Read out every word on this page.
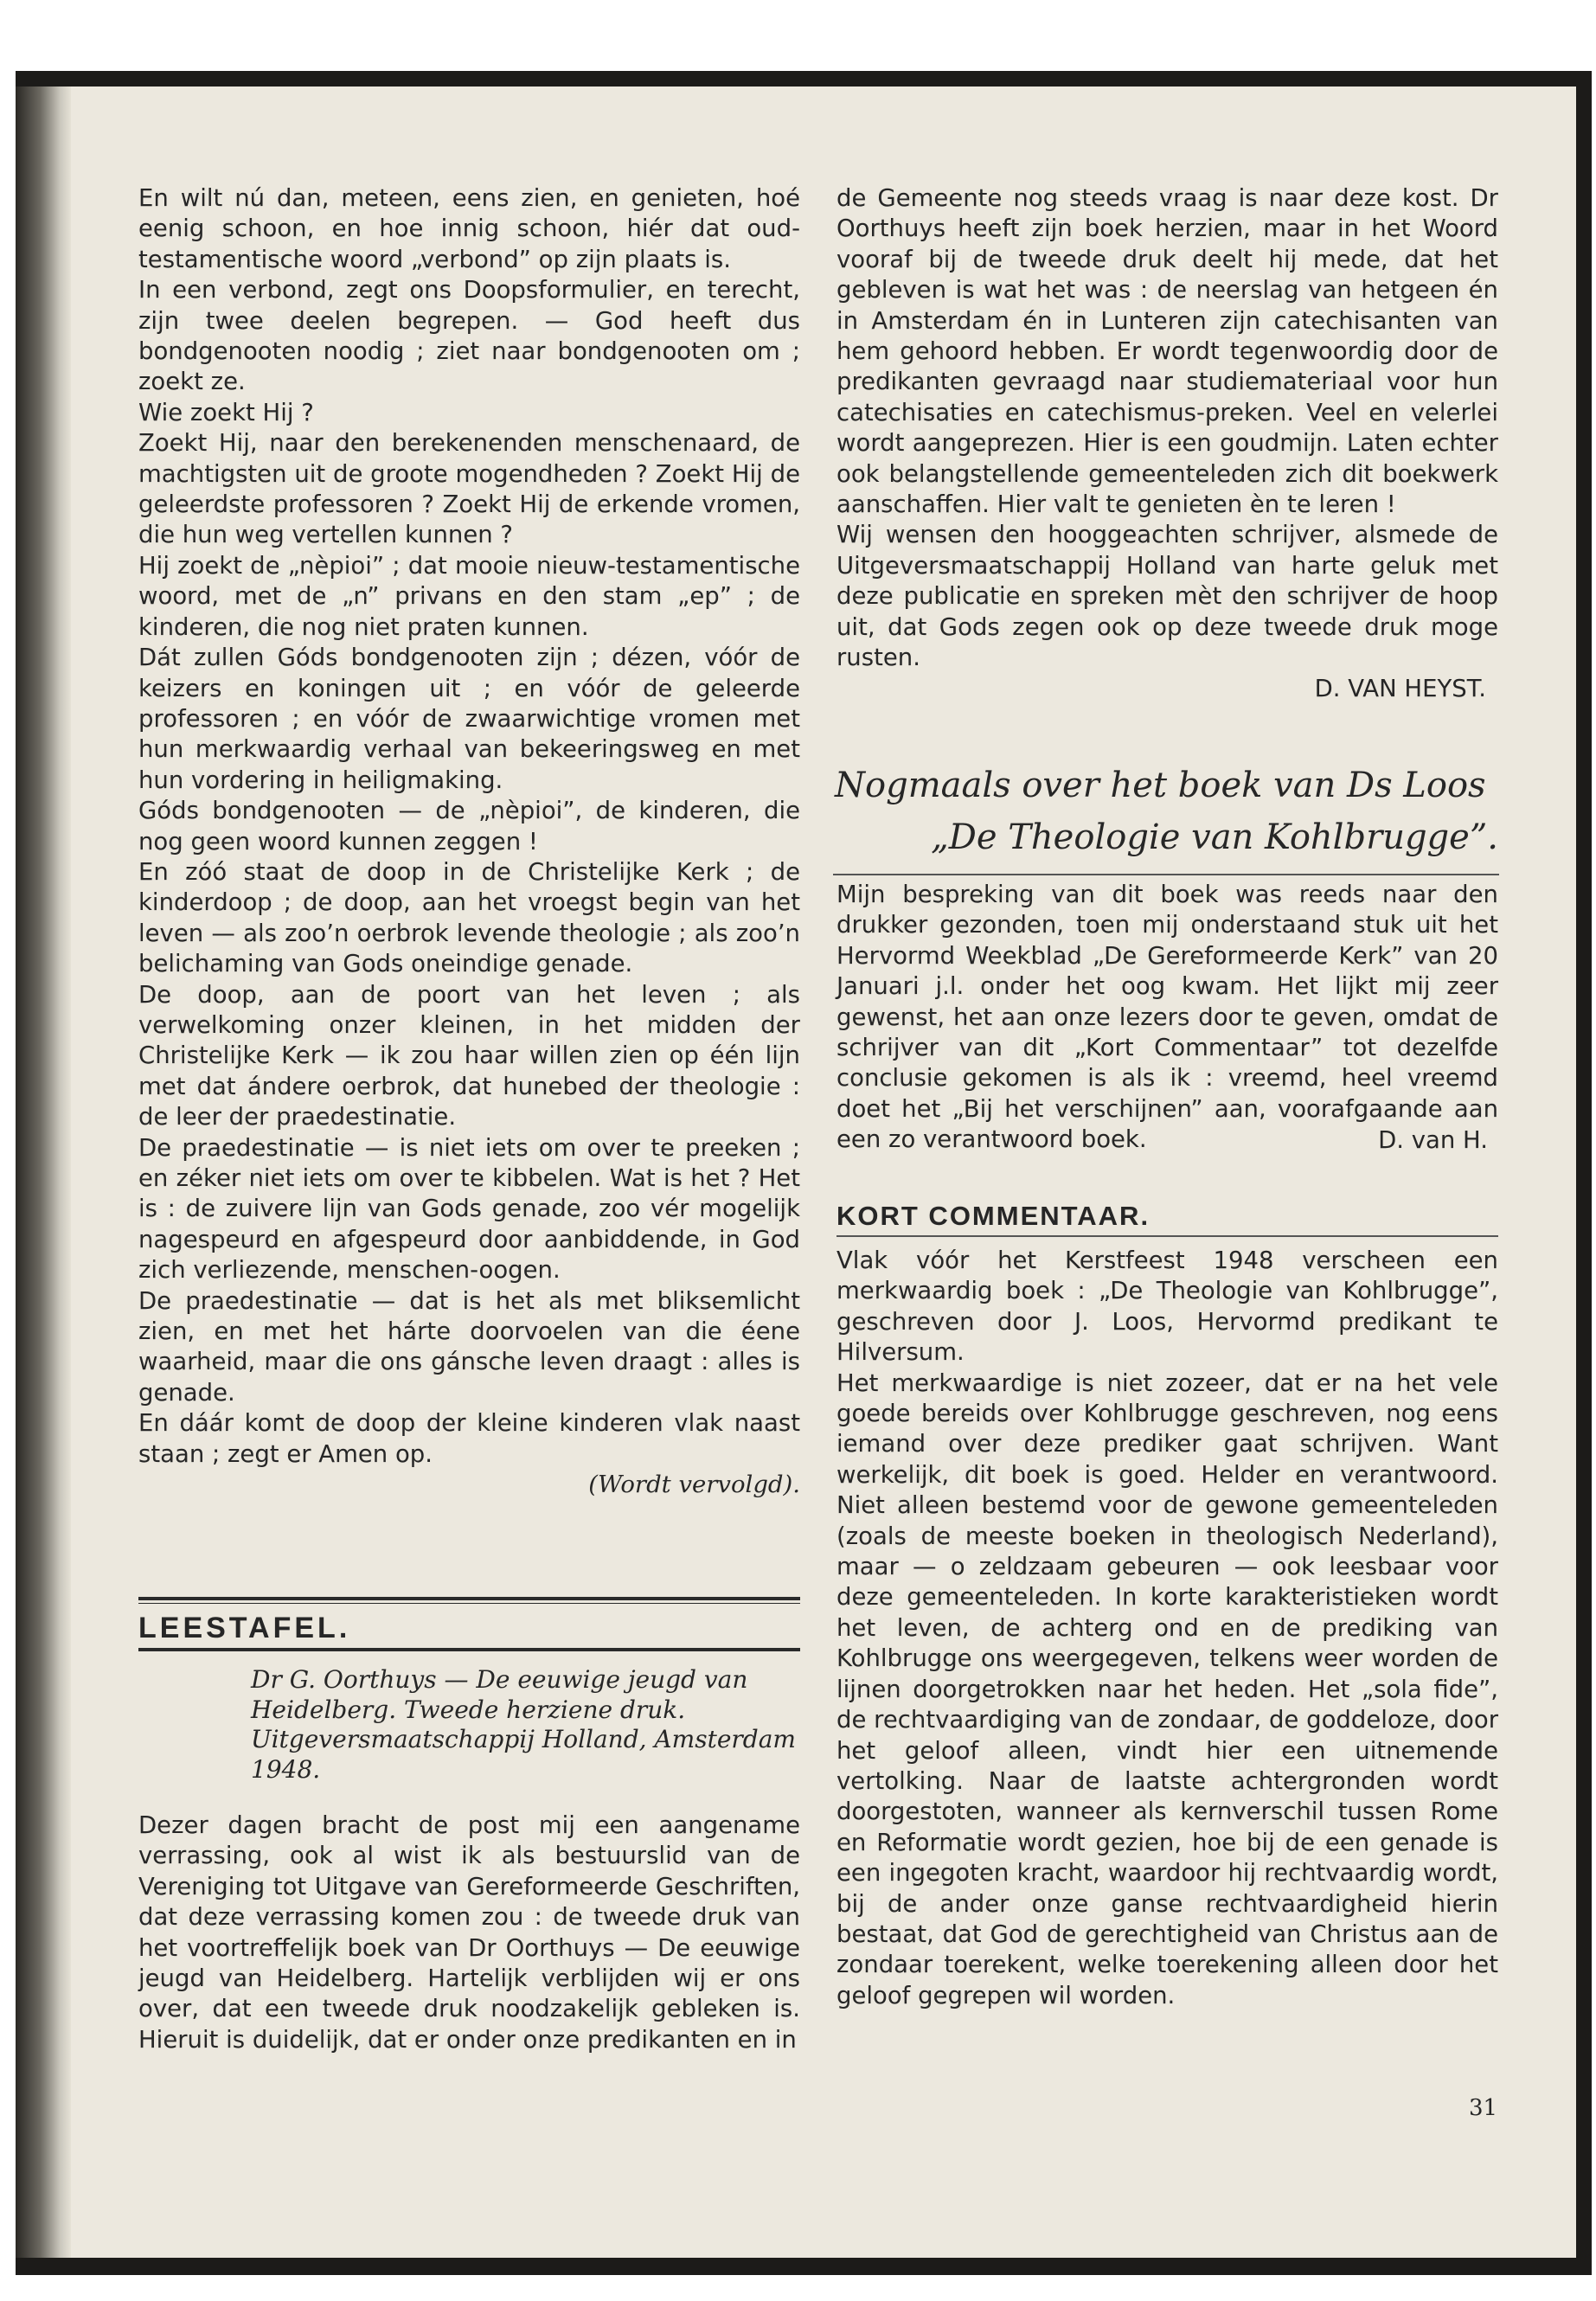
En wilt nú dan, meteen, eens zien, en genieten, hoé eenig schoon, en hoe innig schoon, hiér dat oud-testamentische woord „verbond” op zijn plaats is.

In een verbond, zegt ons Doopsformulier, en terecht, zijn twee deelen begrepen. — God heeft dus bondgenooten noodig ; ziet naar bondgenooten om ; zoekt ze.

Wie zoekt Hij ?

Zoekt Hij, naar den berekenenden menschenaard, de machtigsten uit de groote mogendheden ? Zoekt Hij de geleerdste professoren ? Zoekt Hij de erkende vromen, die hun weg vertellen kunnen ?

Hij zoekt de „nèpioi” ; dat mooie nieuw-testamentische woord, met de „n” privans en den stam „ep” ; de kinderen, die nog niet praten kunnen.

Dát zullen Góds bondgenooten zijn ; dézen, vóór de keizers en koningen uit ; en vóór de geleerde professoren ; en vóór de zwaarwichtige vromen met hun merkwaardig verhaal van bekeeringsweg en met hun vordering in heiligmaking.

Góds bondgenooten — de „nèpioi”, de kinderen, die nog geen woord kunnen zeggen !

En zóó staat de doop in de Christelijke Kerk ; de kinderdoop ; de doop, aan het vroegst begin van het leven — als zoo’n oerbrok levende theologie ; als zoo’n belichaming van Gods oneindige genade.

De doop, aan de poort van het leven ; als verwelkoming onzer kleinen, in het midden der Christelijke Kerk — ik zou haar willen zien op één lijn met dat ándere oerbrok, dat hunebed der theologie : de leer der praedestinatie.

De praedestinatie — is niet iets om over te preeken ; en zéker niet iets om over te kibbelen. Wat is het ? Het is : de zuivere lijn van Gods genade, zoo vér mogelijk nagespeurd en afgespeurd door aanbiddende, in God zich verliezende, menschen-oogen.

De praedestinatie — dat is het als met bliksemlicht zien, en met het hárte doorvoelen van die éene waarheid, maar die ons gánsche leven draagt : alles is genade.

En dáár komt de doop der kleine kinderen vlak naast staan ; zegt er Amen op.

(Wordt vervolgd).

LEESTAFEL.

Dr G. Oorthuys — De eeuwige jeugd van Heidelberg. Tweede herziene druk. Uitgeversmaatschappij Holland, Amsterdam 1948.

Dezer dagen bracht de post mij een aangename verrassing, ook al wist ik als bestuurslid van de Vereniging tot Uitgave van Gereformeerde Geschriften, dat deze verrassing komen zou : de tweede druk van het voortreffelijk boek van Dr Oorthuys — De eeuwige jeugd van Heidelberg. Hartelijk verblijden wij er ons over, dat een tweede druk noodzakelijk gebleken is. Hieruit is duidelijk, dat er onder onze predikanten en in

de Gemeente nog steeds vraag is naar deze kost. Dr Oorthuys heeft zijn boek herzien, maar in het Woord vooraf bij de tweede druk deelt hij mede, dat het gebleven is wat het was : de neerslag van hetgeen én in Amsterdam én in Lunteren zijn catechisanten van hem gehoord hebben. Er wordt tegenwoordig door de predikanten gevraagd naar studiemateriaal voor hun catechisaties en catechismus-preken. Veel en velerlei wordt aangeprezen. Hier is een goudmijn. Laten echter ook belangstellende gemeenteleden zich dit boekwerk aanschaffen. Hier valt te genieten èn te leren !

Wij wensen den hooggeachten schrijver, alsmede de Uitgeversmaatschappij Holland van harte geluk met deze publicatie en spreken mèt den schrijver de hoop uit, dat Gods zegen ook op deze tweede druk moge rusten.

D. VAN HEYST.

Nogmaals over het boek van Ds Loos
„De Theologie van Kohlbrugge”.

Mijn bespreking van dit boek was reeds naar den drukker gezonden, toen mij onderstaand stuk uit het Hervormd Weekblad „De Gereformeerde Kerk” van 20 Januari j.l. onder het oog kwam. Het lijkt mij zeer gewenst, het aan onze lezers door te geven, omdat de schrijver van dit „Kort Commentaar” tot dezelfde conclusie gekomen is als ik : vreemd, heel vreemd doet het „Bij het verschijnen” aan, voorafgaande aan een zo verantwoord boek.	D. van H.

KORT COMMENTAAR.

Vlak vóór het Kerstfeest 1948 verscheen een merkwaardig boek : „De Theologie van Kohlbrugge”, geschreven door J. Loos, Hervormd predikant te Hilversum.

Het merkwaardige is niet zozeer, dat er na het vele goede bereids over Kohlbrugge geschreven, nog eens iemand over deze prediker gaat schrijven. Want werkelijk, dit boek is goed. Helder en verantwoord. Niet alleen bestemd voor de gewone gemeenteleden (zoals de meeste boeken in theologisch Nederland), maar — o zeldzaam gebeuren — ook leesbaar voor deze gemeenteleden. In korte karakteristieken wordt het leven, de achterg ond en de prediking van Kohlbrugge ons weergegeven, telkens weer worden de lijnen doorgetrokken naar het heden. Het „sola fide”, de rechtvaardiging van de zondaar, de goddeloze, door het geloof alleen, vindt hier een uitnemende vertolking. Naar de laatste achtergronden wordt doorgestoten, wanneer als kernverschil tussen Rome en Reformatie wordt gezien, hoe bij de een genade is een ingegoten kracht, waardoor hij rechtvaardig wordt, bij de ander onze ganse rechtvaardigheid hierin bestaat, dat God de gerechtigheid van Christus aan de zondaar toerekent, welke toerekening alleen door het geloof gegrepen wil worden.

31
